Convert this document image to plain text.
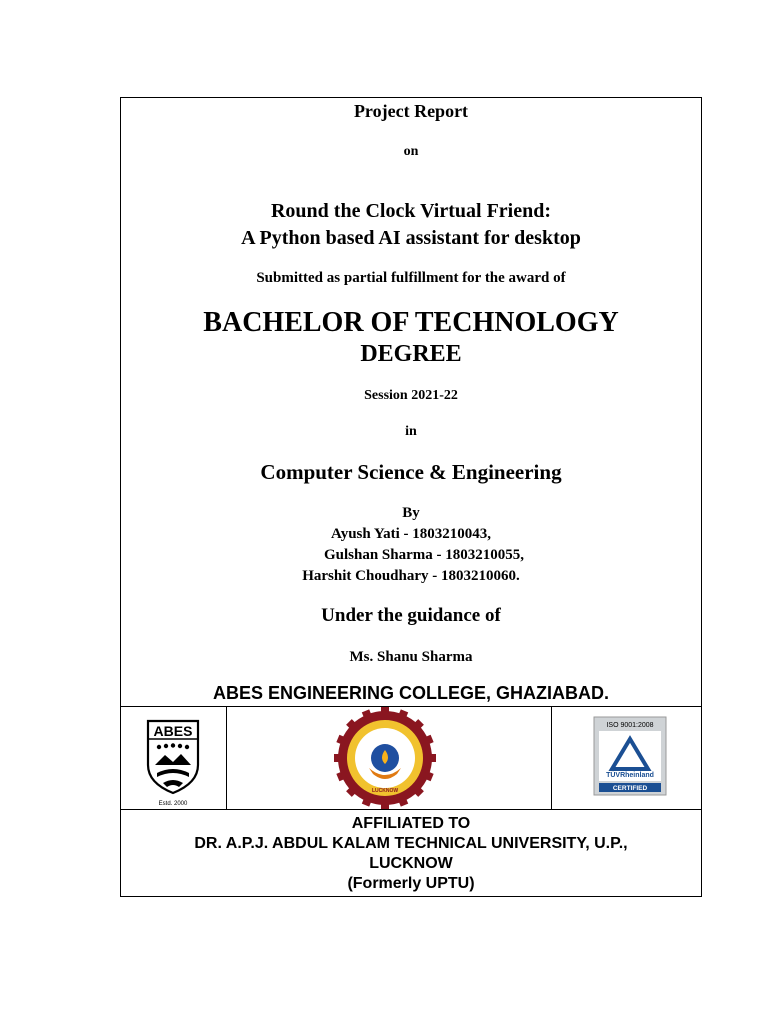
Project Report
on
Round the Clock Virtual Friend:
A Python based AI assistant for desktop
Submitted as partial fulfillment for the award of
BACHELOR OF TECHNOLOGY
DEGREE
Session 2021-22
in
Computer Science & Engineering
By
Ayush Yati - 1803210043,
Gulshan Sharma - 1803210055,
Harshit Choudhary - 1803210060.
Under the guidance of
Ms. Shanu Sharma
ABES ENGINEERING COLLEGE, GHAZIABAD.
ABES
Estd. 2000
LUCKNOW
ISO 9001:2008
TÜVRheinland
CERTIFIED
AFFILIATED TO
DR. A.P.J. ABDUL KALAM TECHNICAL UNIVERSITY, U.P.,
LUCKNOW
(Formerly UPTU)
